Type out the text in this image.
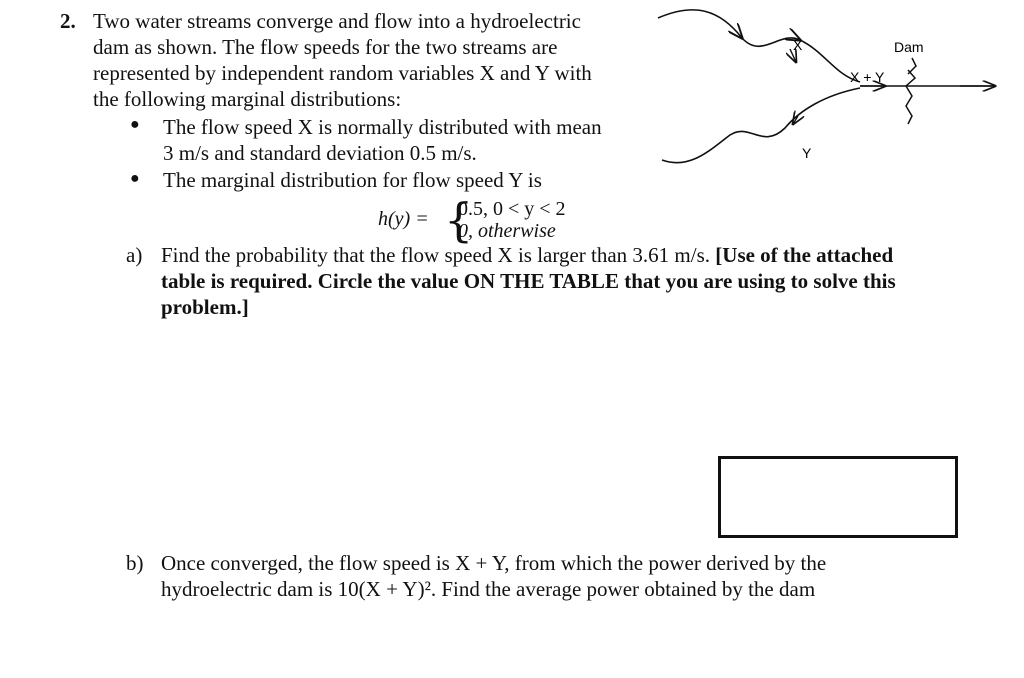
2. Two water streams converge and flow into a hydroelectric
dam as shown. The flow speeds for the two streams are
represented by independent random variables X and Y with
the following marginal distributions:
● The flow speed X is normally distributed with mean
3 m/s and standard deviation 0.5 m/s.
● The marginal distribution for flow speed Y is
h(y) = {
0.5, 0 < y < 2
0, otherwise
a) Find the probability that the flow speed X is larger than 3.61 m/s. [Use of the attached
table is required. Circle the value ON THE TABLE that you are using to solve this
problem.]
b) Once converged, the flow speed is X + Y, from which the power derived by the
hydroelectric dam is 10(X + Y)². Find the average power obtained by the dam
X
Y
X + Y
Dam
